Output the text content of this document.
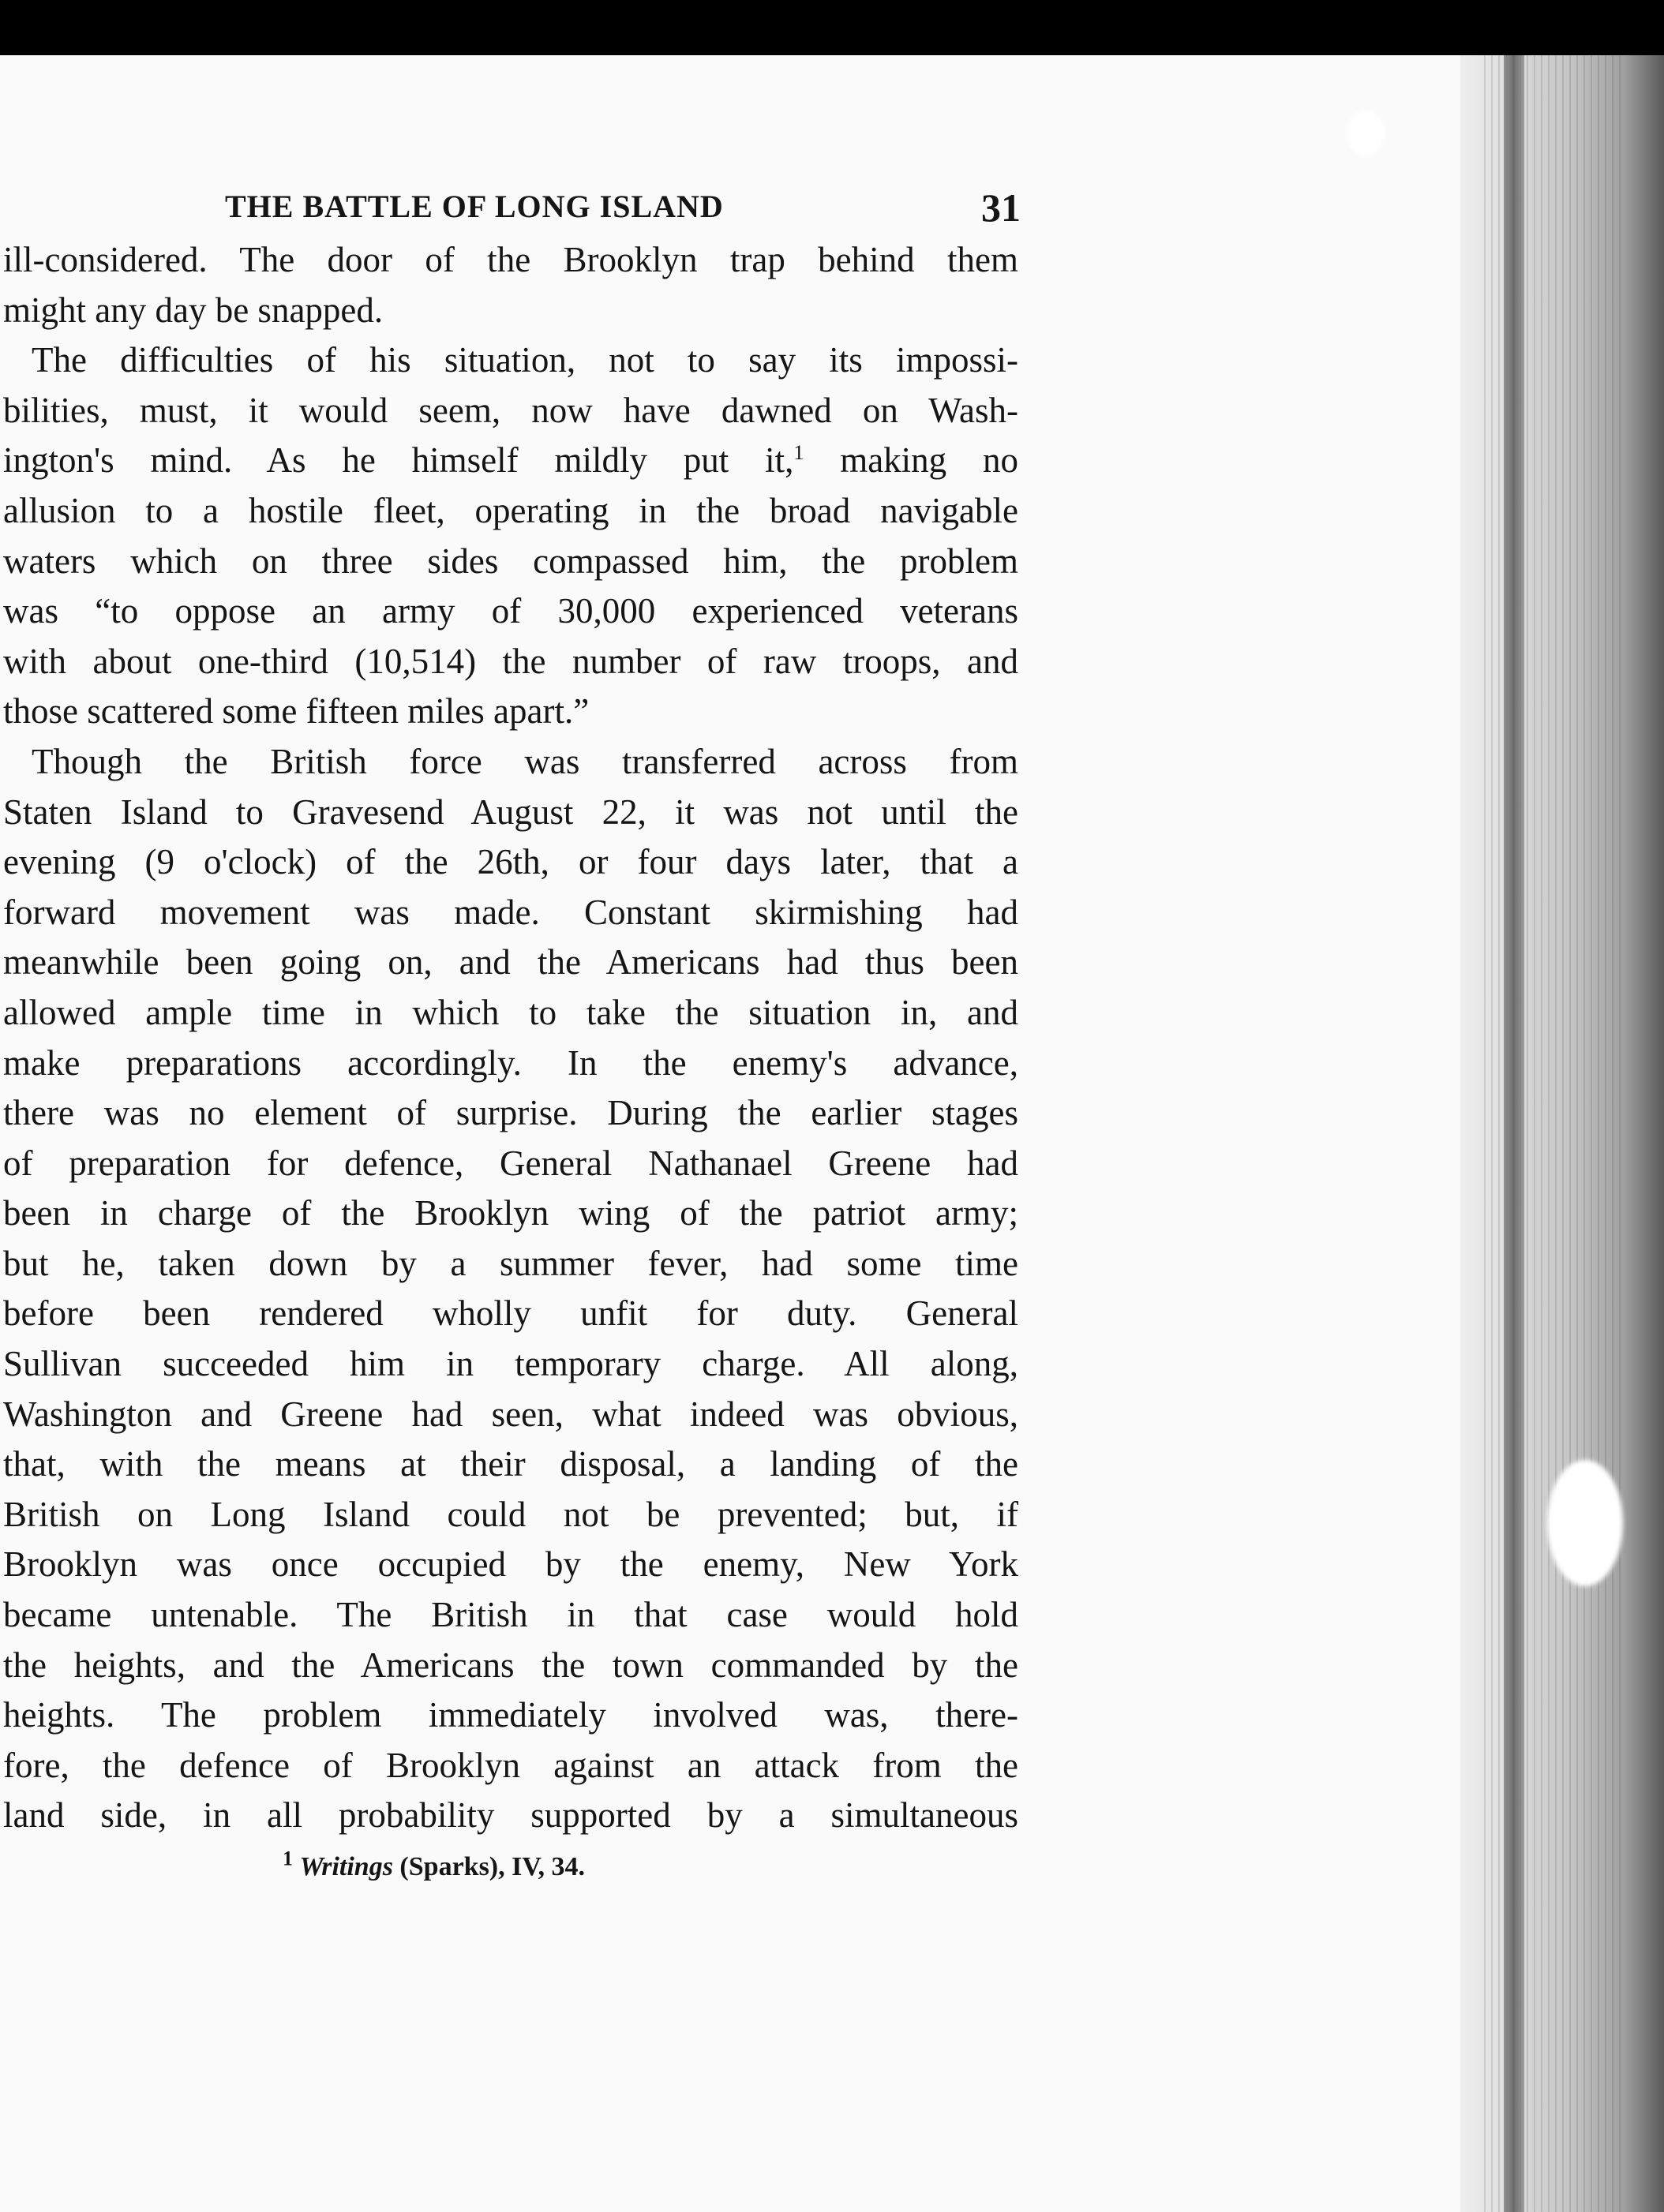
THE BATTLE OF LONG ISLAND	31

ill-considered. The door of the Brooklyn trap behind them
might any day be snapped.

The difficulties of his situation, not to say its impossi-
bilities, must, it would seem, now have dawned on Wash-
ington's mind. As he himself mildly put it,$^1$ making no
allusion to a hostile fleet, operating in the broad navigable
waters which on three sides compassed him, the problem
was “to oppose an army of 30,000 experienced veterans
with about one-third (10,514) the number of raw troops, and
those scattered some fifteen miles apart.”

Though the British force was transferred across from
Staten Island to Gravesend August 22, it was not until the
evening (9 o'clock) of the 26th, or four days later, that a
forward movement was made. Constant skirmishing had
meanwhile been going on, and the Americans had thus been
allowed ample time in which to take the situation in, and
make preparations accordingly. In the enemy's advance,
there was no element of surprise. During the earlier stages
of preparation for defence, General Nathanael Greene had
been in charge of the Brooklyn wing of the patriot army;
but he, taken down by a summer fever, had some time
before been rendered wholly unfit for duty. General
Sullivan succeeded him in temporary charge. All along,
Washington and Greene had seen, what indeed was obvious,
that, with the means at their disposal, a landing of the
British on Long Island could not be prevented; but, if
Brooklyn was once occupied by the enemy, New York
became untenable. The British in that case would hold
the heights, and the Americans the town commanded by the
heights. The problem immediately involved was, there-
fore, the defence of Brooklyn against an attack from the
land side, in all probability supported by a simultaneous

$^1$ Writings (Sparks), IV, 34.
